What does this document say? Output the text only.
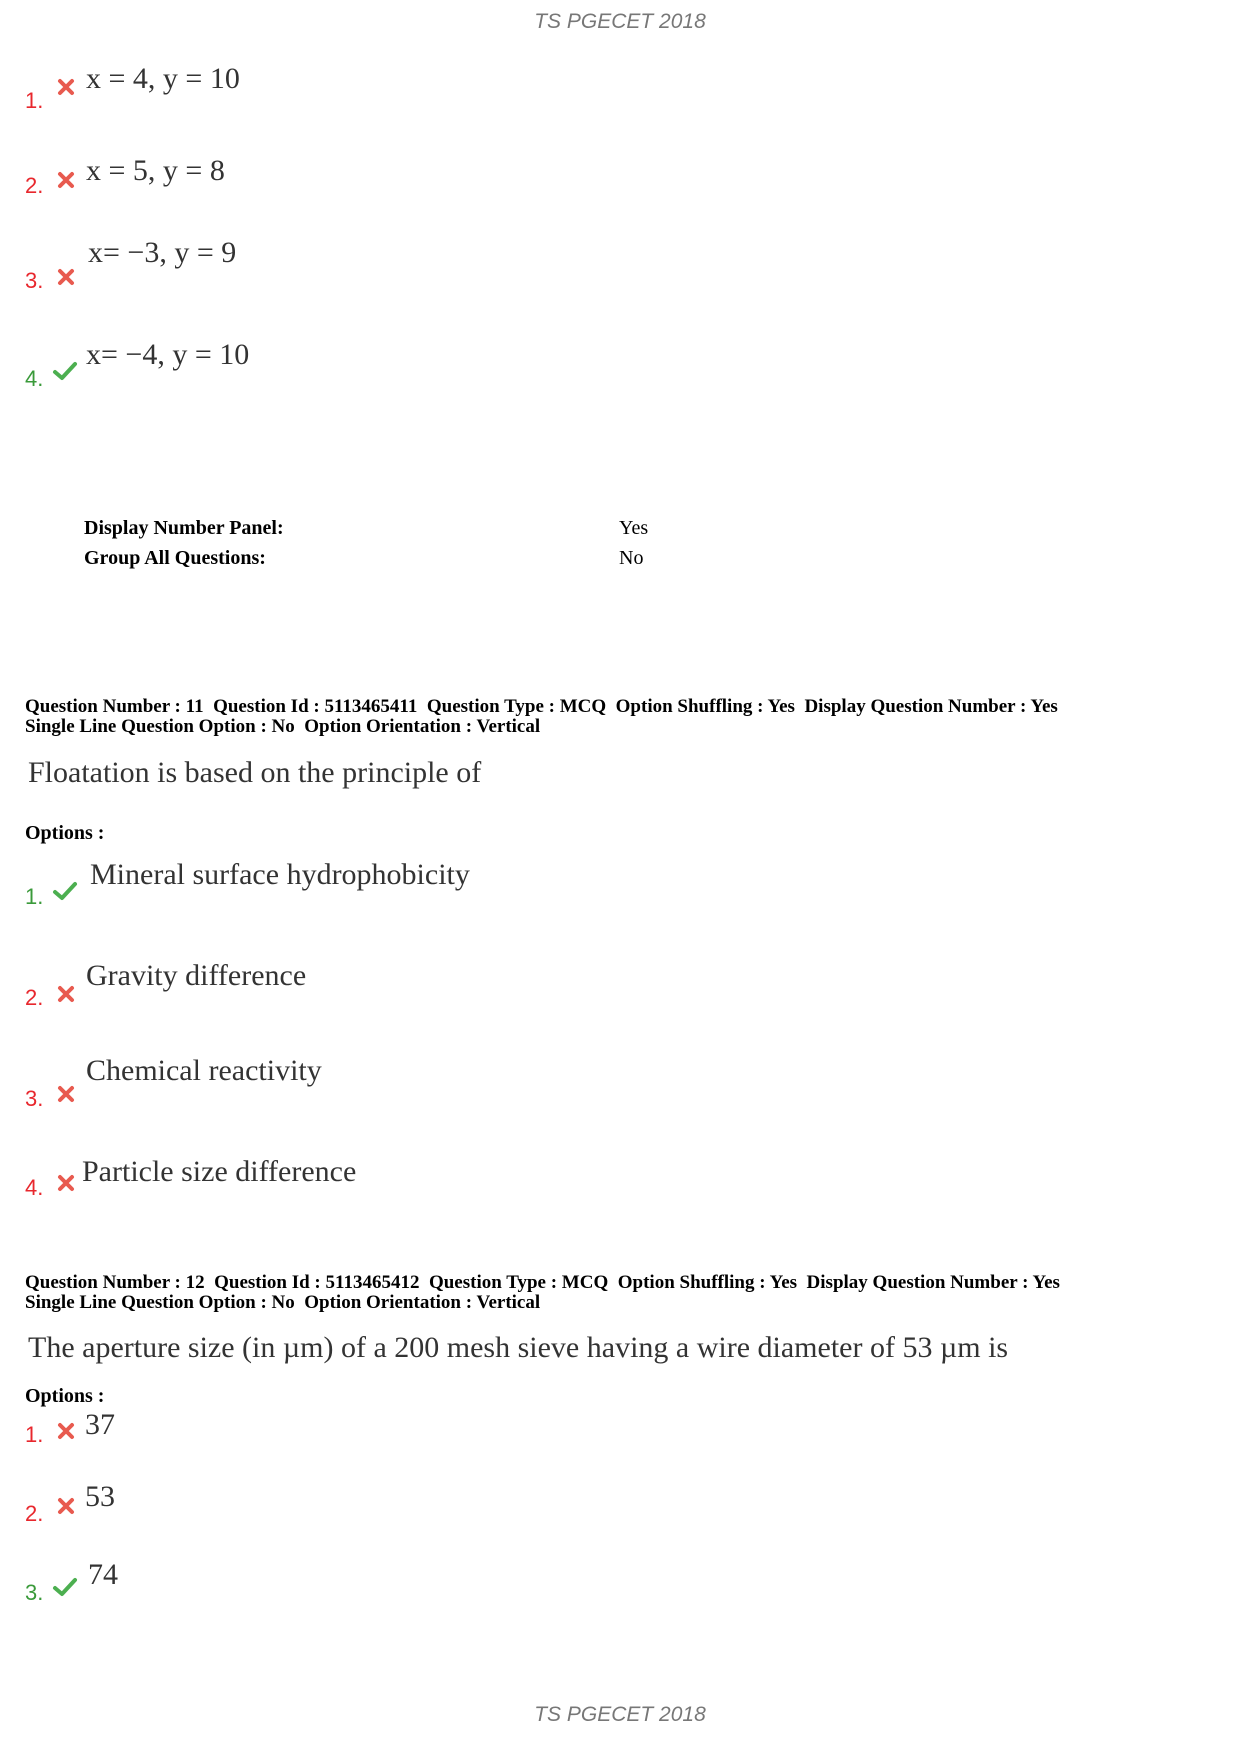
TS PGECET 2018
1.
x = 4, y = 10
2. x = 5, y = 8
3.
x= −3, y = 9
4.
x= −4, y = 10
Display Number Panel:	Yes
Group All Questions:	No
Question Number : 11  Question Id : 5113465411  Question Type : MCQ  Option Shuffling : Yes  Display Question Number : Yes
Single Line Question Option : No  Option Orientation : Vertical
Floatation is based on the principle of
Options :
1.
Mineral surface hydrophobicity
2.
Gravity difference
3.
Chemical reactivity
4. Particle size difference
Question Number : 12  Question Id : 5113465412  Question Type : MCQ  Option Shuffling : Yes  Display Question Number : Yes
Single Line Question Option : No  Option Orientation : Vertical
The aperture size (in µm) of a 200 mesh sieve having a wire diameter of 53 µm is
Options :
1. 37
2.
53
3.
74
TS PGECET 2018
